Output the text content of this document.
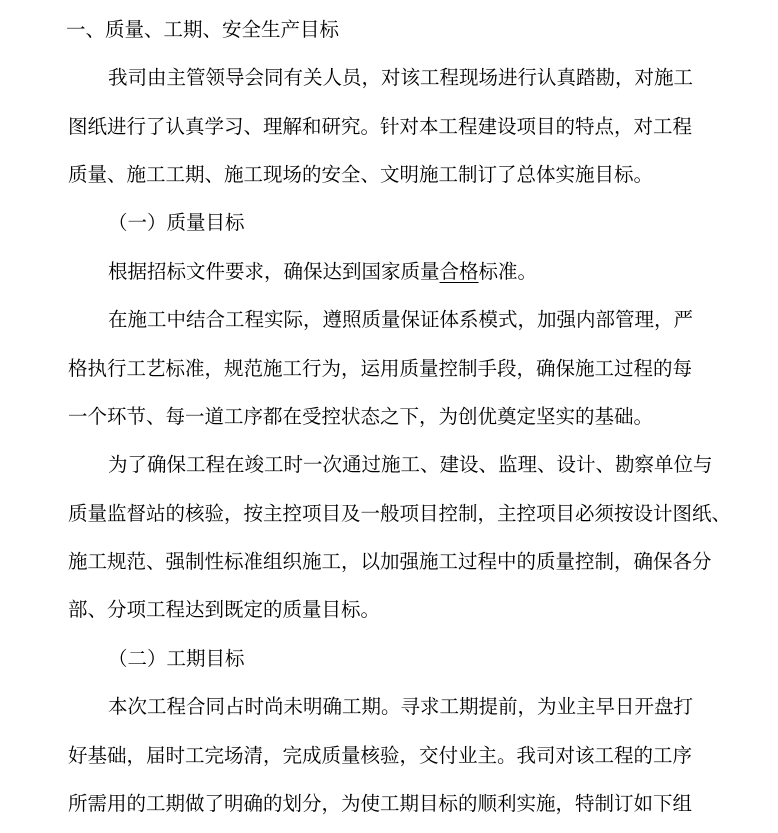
一、质量、工期、安全生产目标
我司由主管领导会同有关人员，对该工程现场进行认真踏勘，对施工
图纸进行了认真学习、理解和研究。针对本工程建设项目的特点，对工程
质量、施工工期、施工现场的安全、文明施工制订了总体实施目标。
（一）质量目标
根据招标文件要求，确保达到国家质量合格标准。
在施工中结合工程实际，遵照质量保证体系模式，加强内部管理，严
格执行工艺标准，规范施工行为，运用质量控制手段，确保施工过程的每
一个环节、每一道工序都在受控状态之下，为创优奠定坚实的基础。
为了确保工程在竣工时一次通过施工、建设、监理、设计、勘察单位与
质量监督站的核验，按主控项目及一般项目控制，主控项目必须按设计图纸、
施工规范、强制性标准组织施工，以加强施工过程中的质量控制，确保各分
部、分项工程达到既定的质量目标。
（二）工期目标
本次工程合同占时尚未明确工期。寻求工期提前，为业主早日开盘打
好基础，届时工完场清，完成质量核验，交付业主。我司对该工程的工序
所需用的工期做了明确的划分，为使工期目标的顺利实施，特制订如下组
